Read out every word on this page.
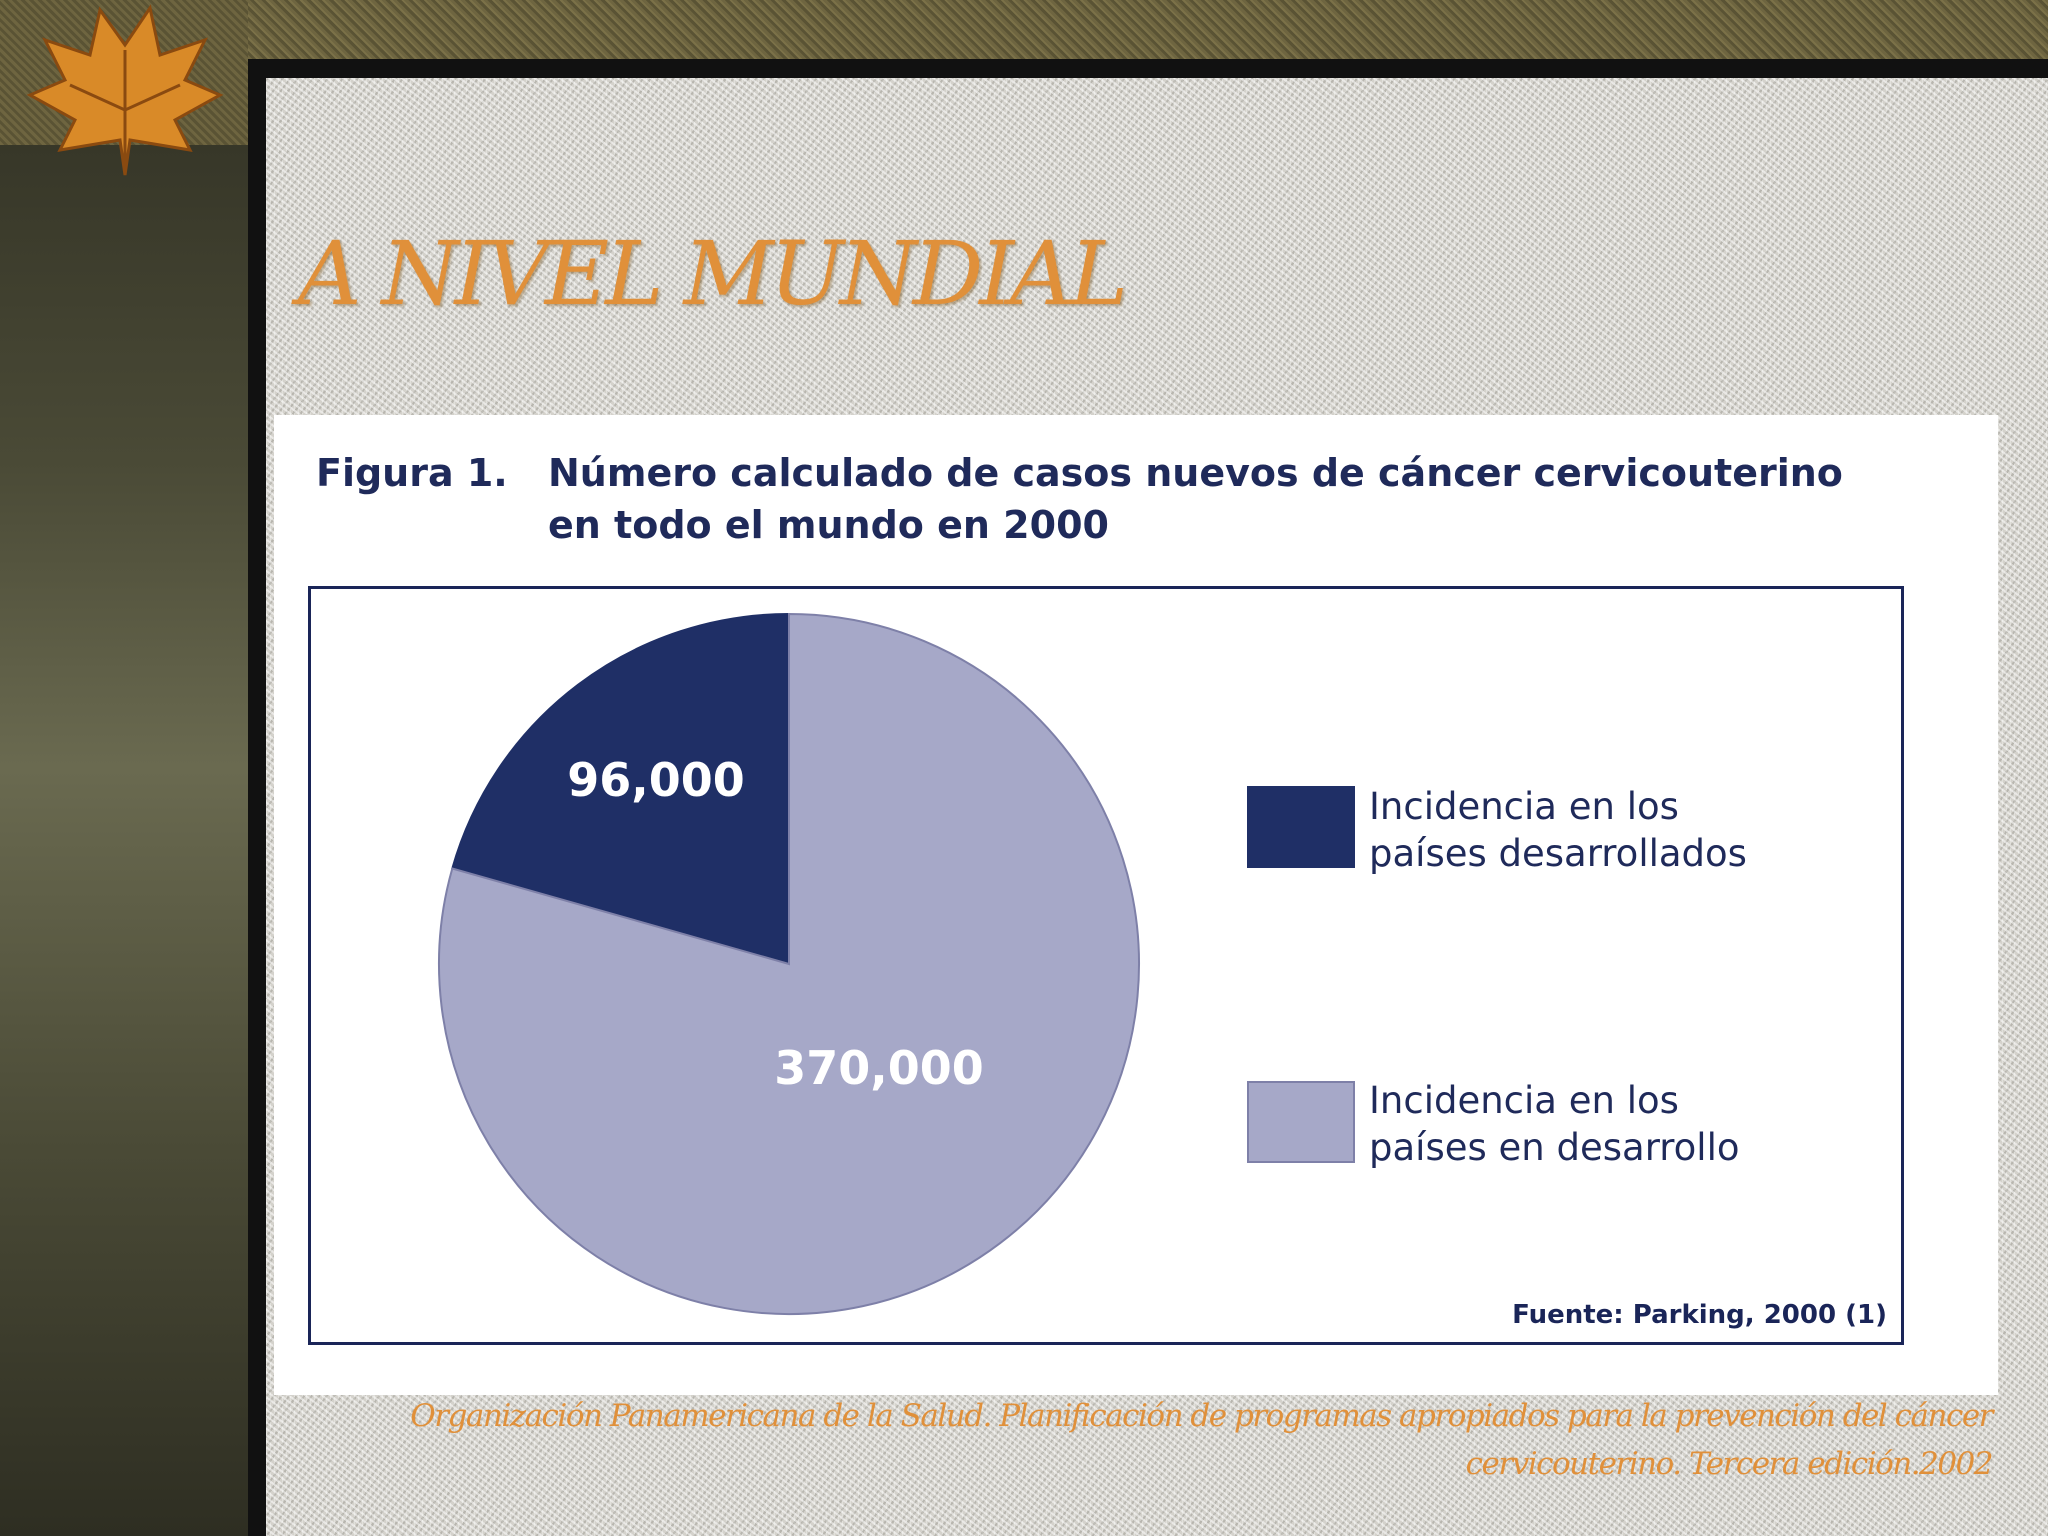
A NIVEL MUNDIAL
Figura 1. Número calculado de casos nuevos de cáncer cervicouterino
en todo el mundo en 2000
96,000
370,000
Incidencia en los
países desarrollados
Incidencia en los
países en desarrollo
Fuente: Parking, 2000 (1)
Organización Panamericana de la Salud. Planificación de programas apropiados para la prevención del cáncer
cervicouterino. Tercera edición.2002
